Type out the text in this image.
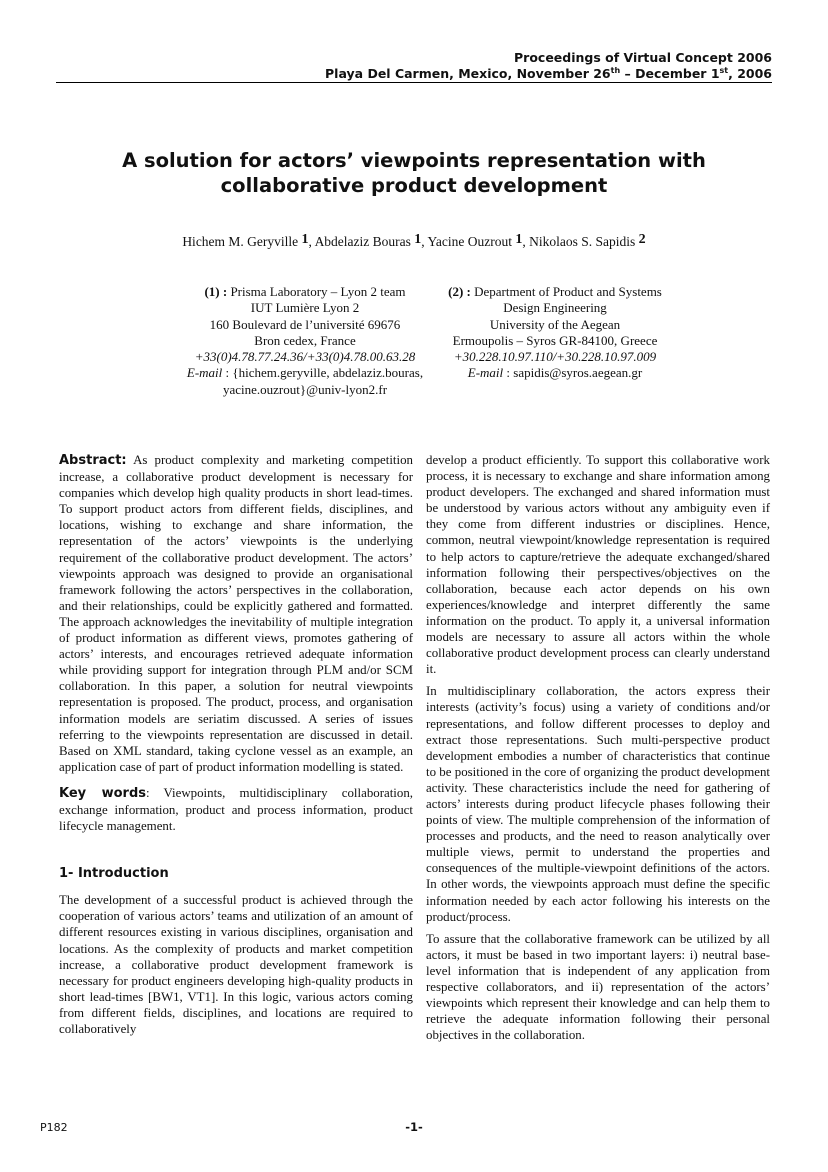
Proceedings of Virtual Concept 2006
Playa Del Carmen, Mexico, November 26th – December 1st, 2006
A solution for actors’ viewpoints representation with
collaborative product development
Hichem M. Geryville 1, Abdelaziz Bouras 1, Yacine Ouzrout 1, Nikolaos S. Sapidis 2
(1) : Prisma Laboratory – Lyon 2 team
IUT Lumière Lyon 2
160 Boulevard de l’université 69676
Bron cedex, France
+33(0)4.78.77.24.36/+33(0)4.78.00.63.28
E-mail : {hichem.geryville, abdelaziz.bouras,
yacine.ouzrout}@univ-lyon2.fr
(2) : Department of Product and Systems
Design Engineering
University of the Aegean
Ermoupolis – Syros GR-84100, Greece
+30.228.10.97.110/+30.228.10.97.009
E-mail : sapidis@syros.aegean.gr

Abstract: As product complexity and marketing competition increase, a collaborative product development is necessary for companies which develop high quality products in short lead-times. To support product actors from different fields, disciplines, and locations, wishing to exchange and share information, the representation of the actors’ viewpoints is the underlying requirement of the collaborative product development. The actors’ viewpoints approach was designed to provide an organisational framework following the actors’ perspectives in the collaboration, and their relationships, could be explicitly gathered and formatted. The approach acknowledges the inevitability of multiple integration of product information as different views, promotes gathering of actors’ interests, and encourages retrieved adequate information while providing support for integration through PLM and/or SCM collaboration. In this paper, a solution for neutral viewpoints representation is proposed. The product, process, and organisation information models are seriatim discussed. A series of issues referring to the viewpoints representation are discussed in detail. Based on XML standard, taking cyclone vessel as an example, an application case of part of product information modelling is stated.

Key words: Viewpoints, multidisciplinary collaboration, exchange information, product and process information, product lifecycle management.

1- Introduction

The development of a successful product is achieved through the cooperation of various actors’ teams and utilization of an amount of different resources existing in various disciplines, organisation and locations. As the complexity of products and market competition increase, a collaborative product development framework is necessary for product engineers developing high-quality products in short lead-times [BW1, VT1]. In this logic, various actors coming from different fields, disciplines, and locations are required to collaboratively

develop a product efficiently. To support this collaborative work process, it is necessary to exchange and share information among product developers. The exchanged and shared information must be understood by various actors without any ambiguity even if they come from different industries or disciplines. Hence, common, neutral viewpoint/knowledge representation is required to help actors to capture/retrieve the adequate exchanged/shared information following their perspectives/objectives on the collaboration, because each actor depends on his own experiences/knowledge and interpret differently the same information on the product. To apply it, a universal information models are necessary to assure all actors within the whole collaborative product development process can clearly understand it.

In multidisciplinary collaboration, the actors express their interests (activity’s focus) using a variety of conditions and/or representations, and follow different processes to deploy and extract those representations. Such multi-perspective product development embodies a number of characteristics that continue to be positioned in the core of organizing the product development activity. These characteristics include the need for gathering of actors’ interests during product lifecycle phases following their points of view. The multiple comprehension of the information of processes and products, and the need to reason analytically over multiple views, permit to understand the properties and consequences of the multiple-viewpoint definitions of the actors. In other words, the viewpoints approach must define the specific information needed by each actor following his interests on the product/process.

To assure that the collaborative framework can be utilized by all actors, it must be based in two important layers: i) neutral base-level information that is independent of any application from respective collaborators, and ii) representation of the actors’ viewpoints which represent their knowledge and can help them to retrieve the adequate information following their personal objectives in the collaboration.

P182	-1-
